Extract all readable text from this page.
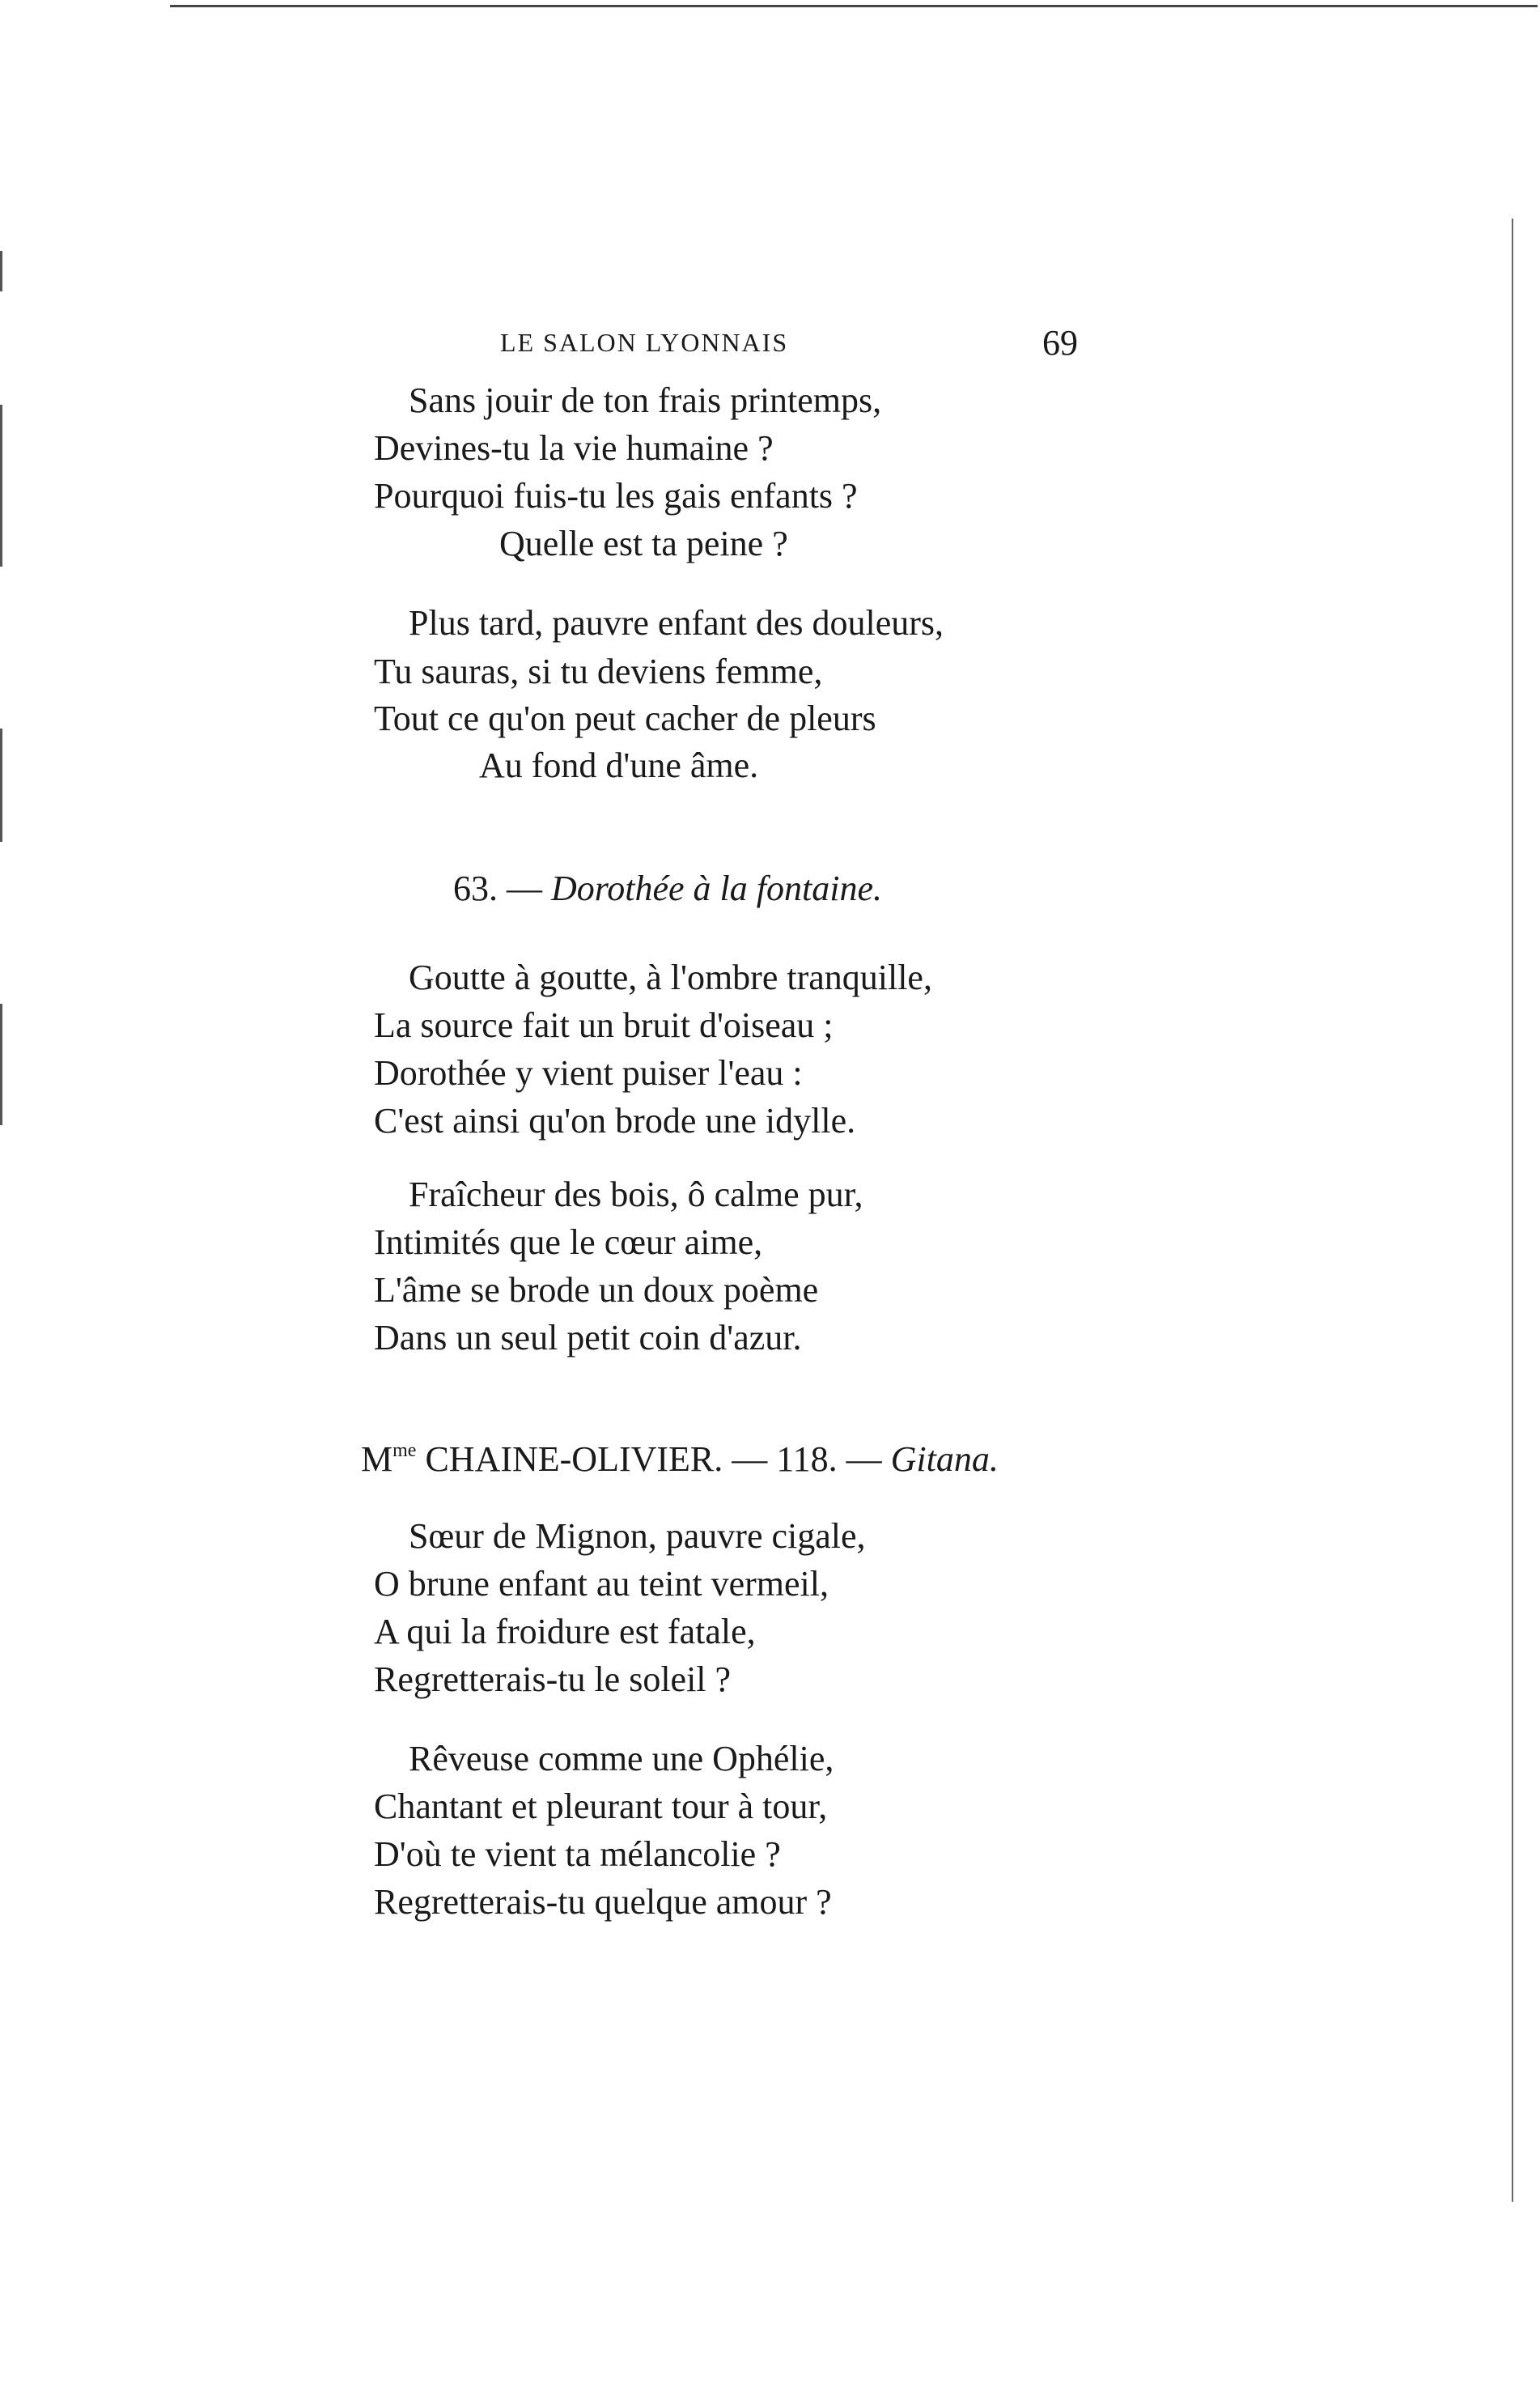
LE SALON LYONNAIS	69
Sans jouir de ton frais printemps,
Devines-tu la vie humaine ?
Pourquoi fuis-tu les gais enfants ?
Quelle est ta peine ?
Plus tard, pauvre enfant des douleurs,
Tu sauras, si tu deviens femme,
Tout ce qu'on peut cacher de pleurs
Au fond d'une âme.
63. — Dorothée à la fontaine.
Goutte à goutte, à l'ombre tranquille,
La source fait un bruit d'oiseau ;
Dorothée y vient puiser l'eau :
C'est ainsi qu'on brode une idylle.
Fraîcheur des bois, ô calme pur,
Intimités que le cœur aime,
L'âme se brode un doux poème
Dans un seul petit coin d'azur.
$M^{me}$ CHAINE-OLIVIER. — 118. — Gitana.
Sœur de Mignon, pauvre cigale,
O brune enfant au teint vermeil,
A qui la froidure est fatale,
Regretterais-tu le soleil ?
Rêveuse comme une Ophélie,
Chantant et pleurant tour à tour,
D'où te vient ta mélancolie ?
Regretterais-tu quelque amour ?
